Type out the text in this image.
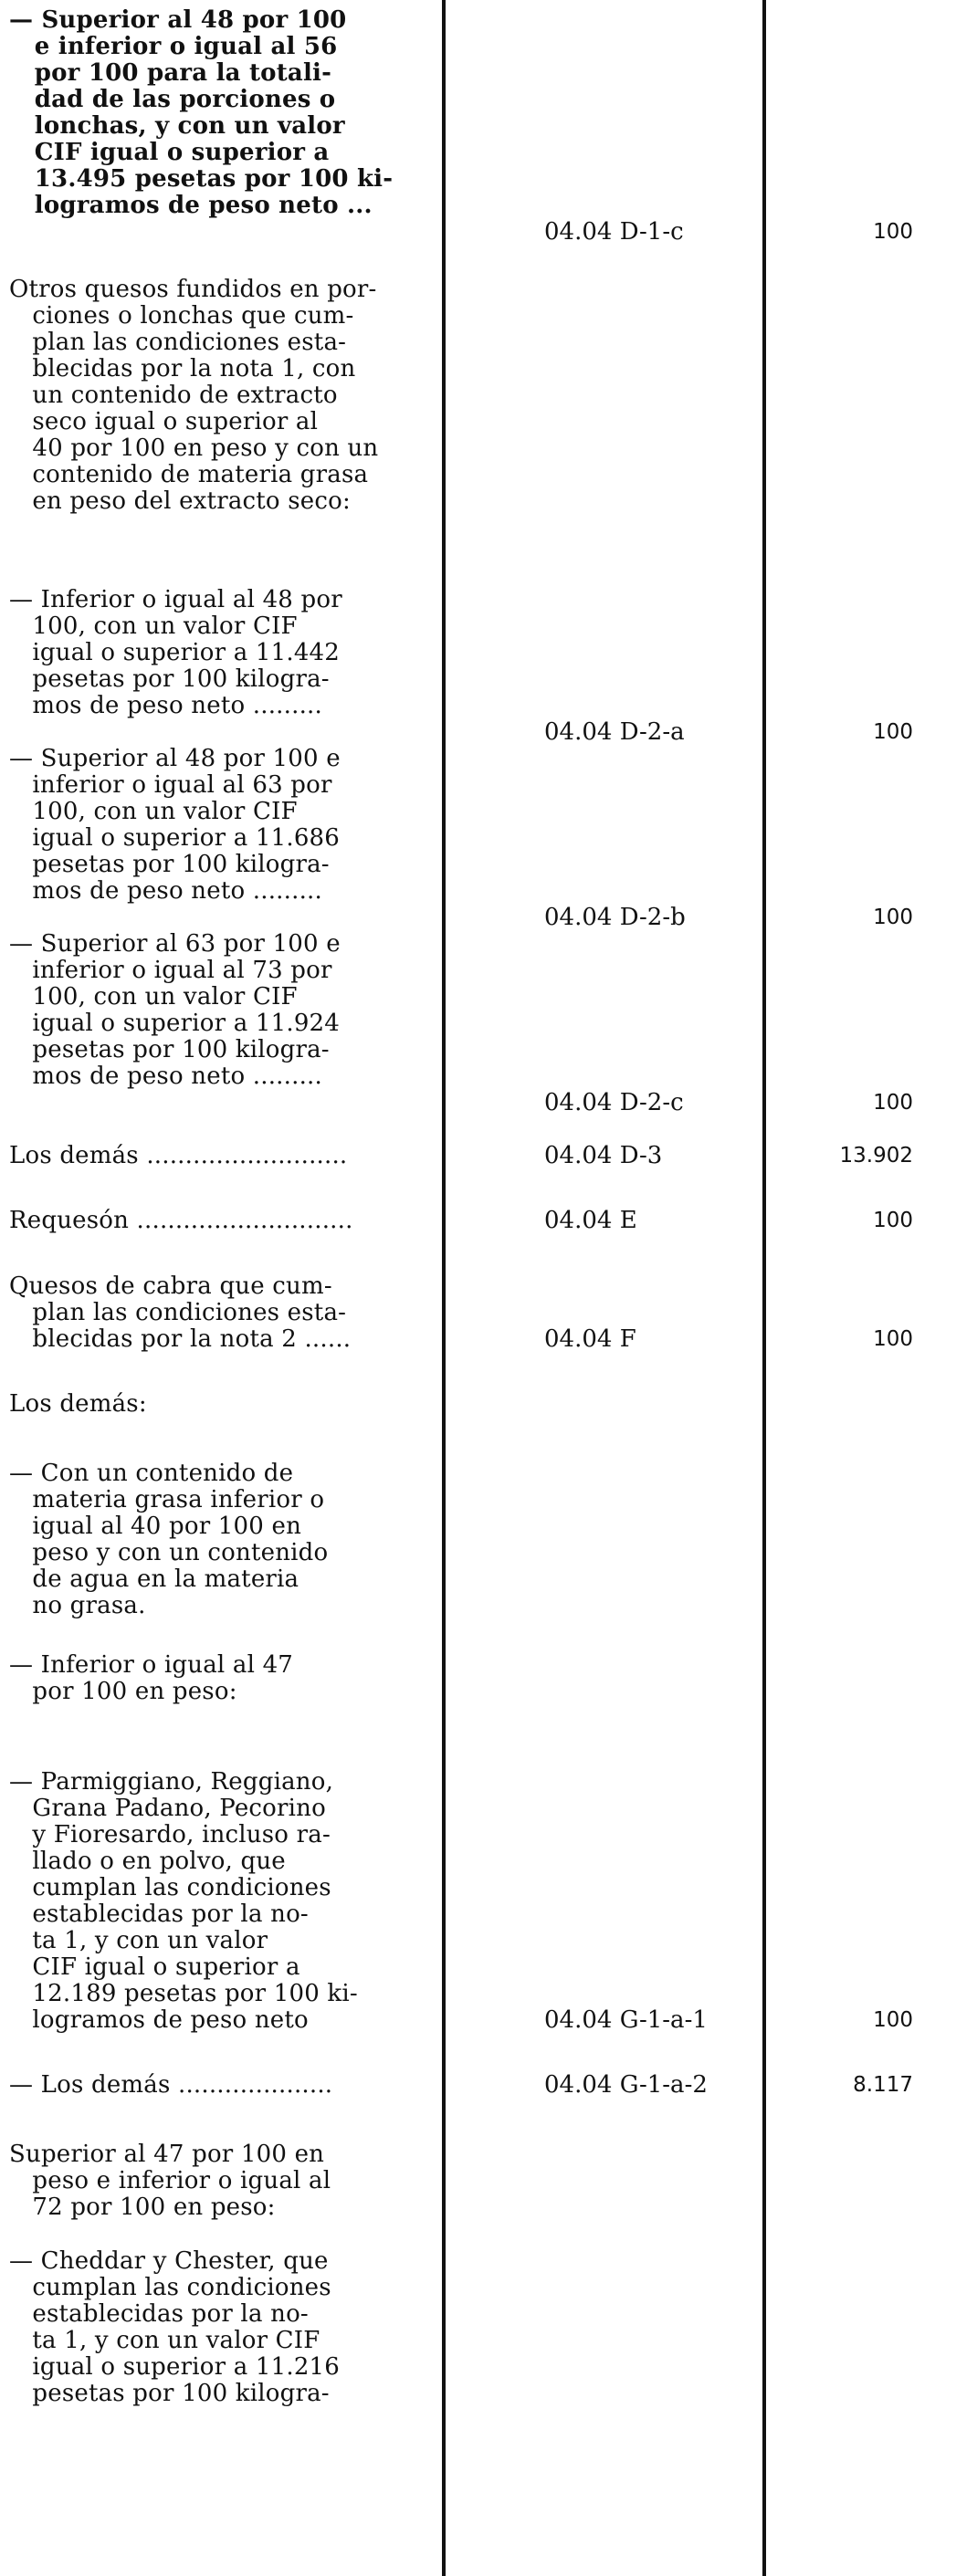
— Superior al 48 por 100
e inferior o igual al 56
por 100 para la totali-
dad de las porciones o
lonchas, y con un valor
CIF igual o superior a
13.495 pesetas por 100 ki-
logramos de peso neto ...
04.04 D-1-c	100
Otros quesos fundidos en por-
ciones o lonchas que cum-
plan las condiciones esta-
blecidas por la nota 1, con
un contenido de extracto
seco igual o superior al
40 por 100 en peso y con un
contenido de materia grasa
en peso del extracto seco:
— Inferior o igual al 48 por
100, con un valor CIF
igual o superior a 11.442
pesetas por 100 kilogra-
mos de peso neto .........
04.04 D-2-a	100
— Superior al 48 por 100 e
inferior o igual al 63 por
100, con un valor CIF
igual o superior a 11.686
pesetas por 100 kilogra-
mos de peso neto .........
04.04 D-2-b	100
— Superior al 63 por 100 e
inferior o igual al 73 por
100, con un valor CIF
igual o superior a 11.924
pesetas por 100 kilogra-
mos de peso neto .........
04.04 D-2-c	100
Los demás ..........................	04.04 D-3	13.902
Requesón ............................	04.04 E	100
Quesos de cabra que cum-
plan las condiciones esta-
blecidas por la nota 2 ......	04.04 F	100
Los demás:
— Con un contenido de
materia grasa inferior o
igual al 40 por 100 en
peso y con un contenido
de agua en la materia
no grasa.
— Inferior o igual al 47
por 100 en peso:
— Parmiggiano, Reggiano,
Grana Padano, Pecorino
y Fioresardo, incluso ra-
llado o en polvo, que
cumplan las condiciones
establecidas por la no-
ta 1, y con un valor
CIF igual o superior a
12.189 pesetas por 100 ki-
logramos de peso neto	04.04 G-1-a-1	100
— Los demás ....................	04.04 G-1-a-2	8.117
Superior al 47 por 100 en
peso e inferior o igual al
72 por 100 en peso:
— Cheddar y Chester, que
cumplan las condiciones
establecidas por la no-
ta 1, y con un valor CIF
igual o superior a 11.216
pesetas por 100 kilogra-
